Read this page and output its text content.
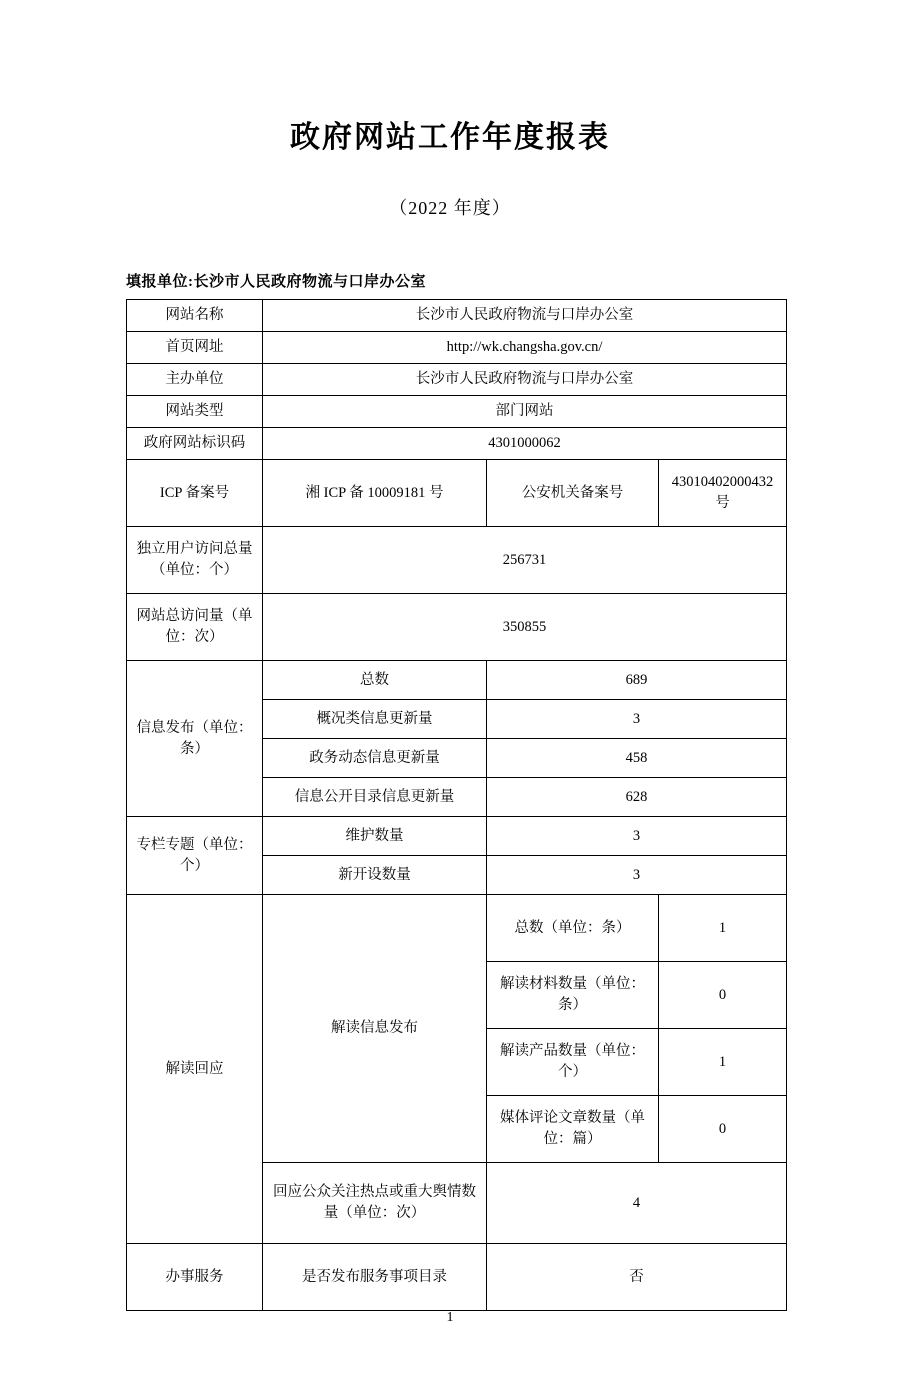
政府网站工作年度报表
（2022 年度）
填报单位:长沙市人民政府物流与口岸办公室
网站名称	长沙市人民政府物流与口岸办公室		
首页网址	http://wk.changsha.gov.cn/		
主办单位	长沙市人民政府物流与口岸办公室		
网站类型	部门网站		
政府网站标识码	4301000062		
ICP 备案号	湘 ICP 备 10009181 号	公安机关备案号	43010402000432 号
独立用户访问总量（单位：个）	256731		
网站总访问量（单位：次）	350855		
信息发布（单位：条）	总数	689	
	概况类信息更新量	3	
	政务动态信息更新量	458	
	信息公开目录信息更新量	628	
专栏专题（单位：个）	维护数量	3	
	新开设数量	3	
解读回应	解读信息发布	总数（单位：条）	1
		解读材料数量（单位：条）	0
		解读产品数量（单位：个）	1
		媒体评论文章数量（单位：篇）	0
	回应公众关注热点或重大舆情数量（单位：次）	4	
办事服务	是否发布服务事项目录	否	
1
